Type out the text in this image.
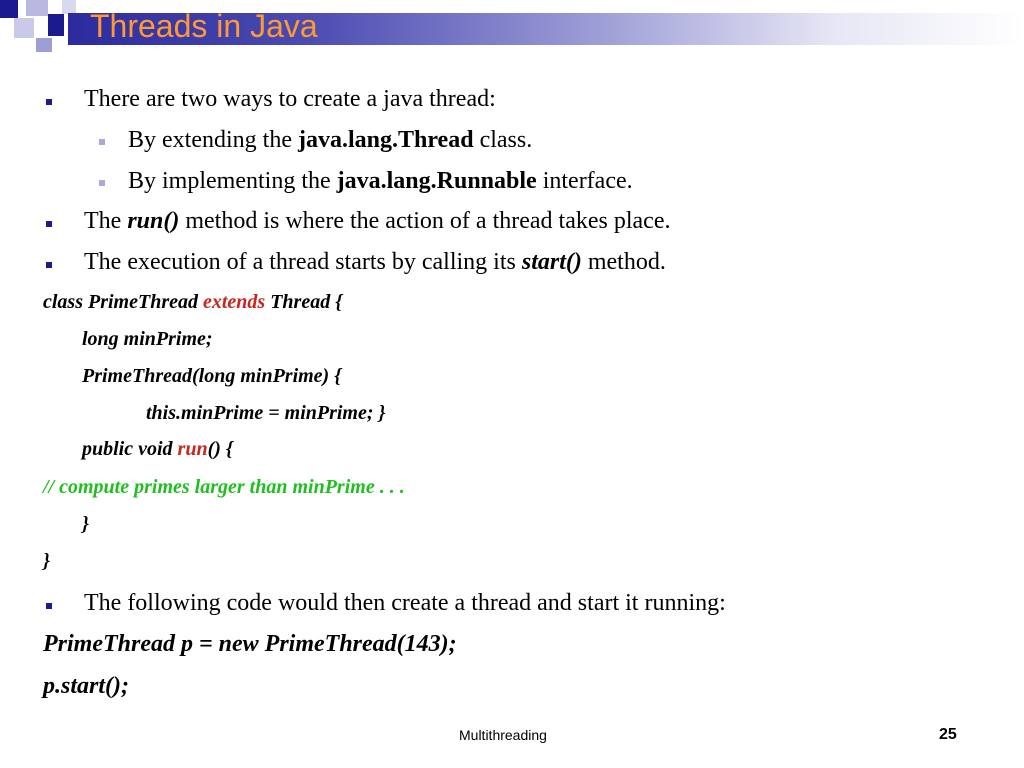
Threads in Java
There are two ways to create a java thread:
By extending the java.lang.Thread class.
By implementing the java.lang.Runnable interface.
The run() method is where the action of a thread takes place.
The execution of a thread starts by calling its start() method.
class PrimeThread extends Thread {
long minPrime;
PrimeThread(long minPrime) {
this.minPrime = minPrime; }
public void run() {
// compute primes larger than minPrime . . .
}
}
The following code would then create a thread and start it running:
PrimeThread p = new PrimeThread(143);
p.start();
Multithreading	25
